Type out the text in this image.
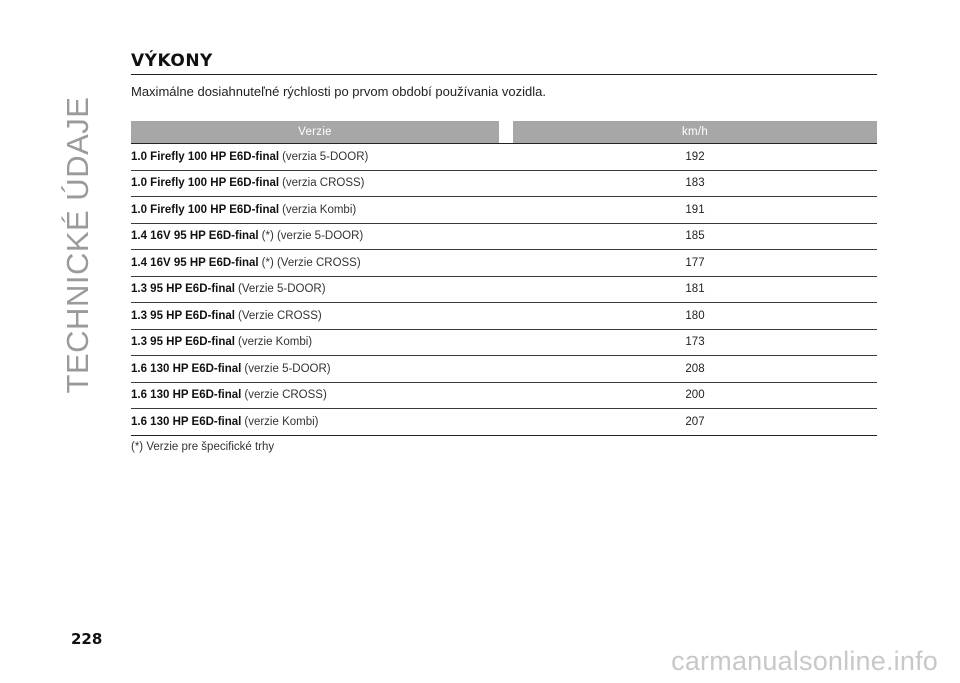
TECHNICKÉ ÚDAJE
VÝKONY
Maximálne dosiahnuteľné rýchlosti po prvom období používania vozidla.
Verzie		km/h
1.0 Firefly 100 HP E6D-final (verzia 5-DOOR)		192
1.0 Firefly 100 HP E6D-final (verzia CROSS)		183
1.0 Firefly 100 HP E6D-final (verzia Kombi)		191
1.4 16V 95 HP E6D-final (*) (verzie 5-DOOR)		185
1.4 16V 95 HP E6D-final (*) (Verzie CROSS)		177
1.3 95 HP E6D-final (Verzie 5-DOOR)		181
1.3 95 HP E6D-final (Verzie CROSS)		180
1.3 95 HP E6D-final (verzie Kombi)		173
1.6 130 HP E6D-final (verzie 5-DOOR)		208
1.6 130 HP E6D-final (verzie CROSS)		200
1.6 130 HP E6D-final (verzie Kombi)		207
(*) Verzie pre špecifické trhy
228
carmanualsonline.info
